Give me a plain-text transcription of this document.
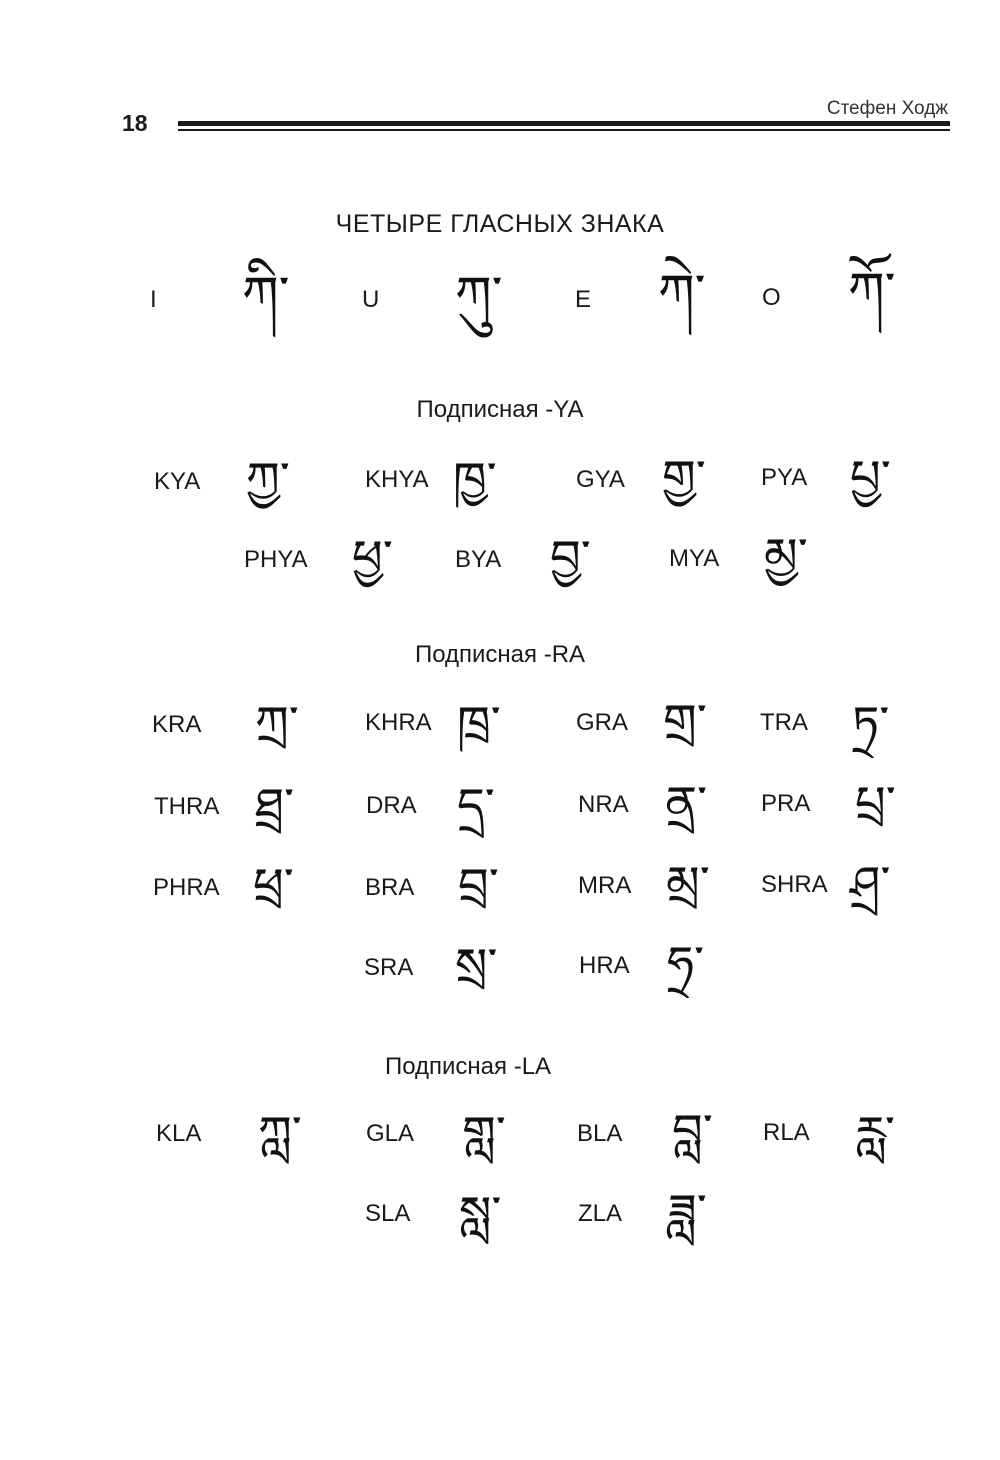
18
Стефен Ходж
ЧЕТЫРЕ ГЛАСНЫХ ЗНАКА
I ཀི་	U ཀུ་	E ཀེ་ O ཀོ་
Подписная -YA
KYA ཀྱ་	KHYA ཁྱ་	GYA གྱ་ PYA པྱ་
PHYA ཕྱ་	BYA བྱ་	MYA མྱ་
Подписная -RA
KRA ཀྲ་	KHRA ཁྲ་	GRA གྲ་ TRA ཏྲ་
THRA ཐྲ་	DRA དྲ་	NRA ནྲ་ PRA པྲ་
PHRA ཕྲ་	BRA བྲ་	MRA མྲ་ SHRA ཤྲ་
SRA སྲ་	HRA ཧྲ་
Подписная -LA
KLA ཀླ་	GLA གླ་	BLA བླ་ RLA རླ་
SLA སླ་	ZLA ཟླ་
